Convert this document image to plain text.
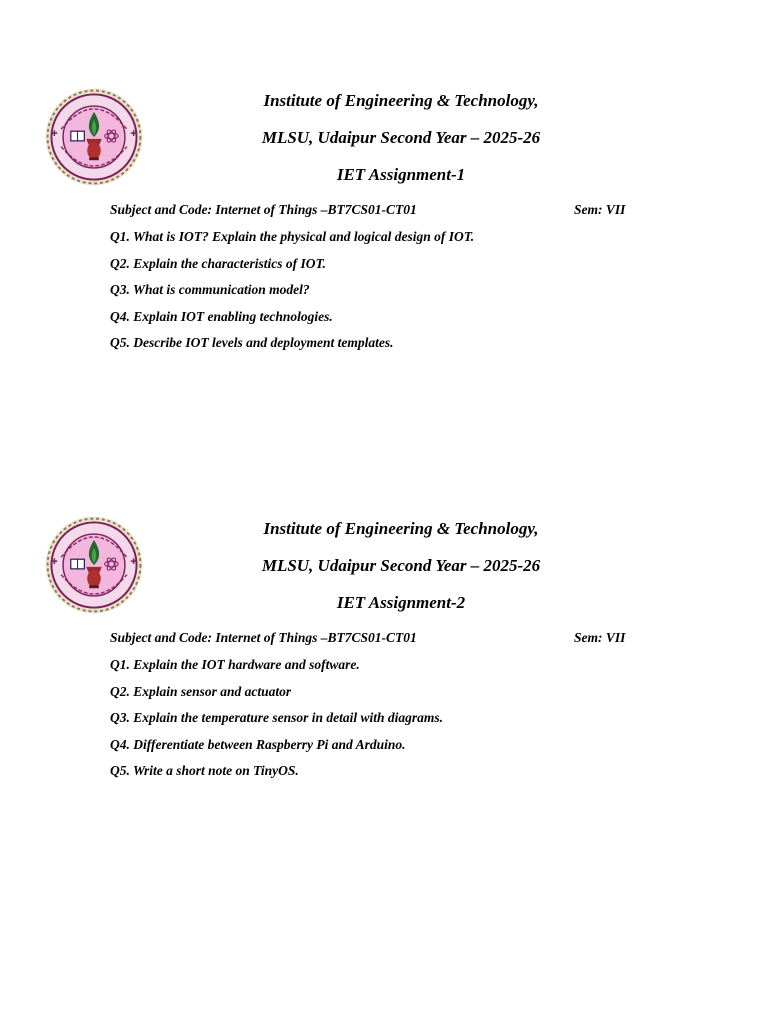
Institute of Engineering & Technology,
MLSU, Udaipur Second Year – 2025-26
IET Assignment-1
Subject and Code: Internet of Things –BT7CS01-CT01	Sem: VII
Q1. What is IOT? Explain the physical and logical design of IOT.
Q2. Explain the characteristics of IOT.
Q3. What is communication model?
Q4. Explain IOT enabling technologies.
Q5. Describe IOT levels and deployment templates.
Institute of Engineering & Technology,
MLSU, Udaipur Second Year – 2025-26
IET Assignment-2
Subject and Code: Internet of Things –BT7CS01-CT01	Sem: VII
Q1. Explain the IOT hardware and software.
Q2. Explain sensor and actuator
Q3. Explain the temperature sensor in detail with diagrams.
Q4. Differentiate between Raspberry Pi and Arduino.
Q5. Write a short note on TinyOS.
